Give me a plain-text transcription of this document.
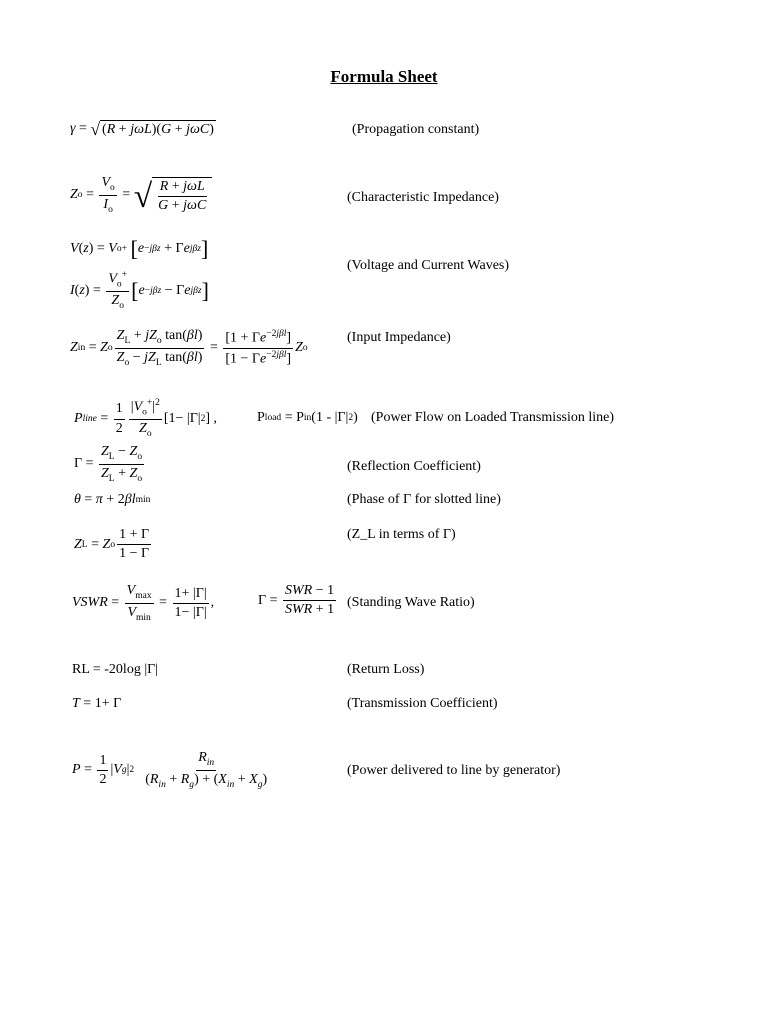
Formula Sheet
γ = √ ( R + jωL )( G + jωC )	(Propagation constant)
Z o =
$V_o$
$I_o$
= √ R + jωL
G + jωC
(Characteristic Impedance)
V ( z ) = V o +
[ e −jβz + Γ e jβz ]
I ( z ) =
$V_o^+$
$Z_o$
[ e −jβz − Γ e jβz ]
(Voltage and Current Waves)
Z in = Z o
$Z_L + jZ_o$ tan(βl)
$Z_o - jZ_L$ tan(βl)
=
$[1 + \Gamma e^{-2j\beta l}]$
$[1 - \Gamma e^{-2j\beta l}]$
Z o
(Input Impedance)
P line =
1
2
$|V_o^+|^2$
$Z_o$
[1− |Γ| 2 ] ,	P load = P in (1 - |Γ| 2 ) (Power Flow on Loaded Transmission line)
Γ =
$Z_L - Z_o$
$Z_L + Z_o$
(Reflection Coefficient)
θ = π + 2 βl min	(Phase of Γ for slotted line)
Z L = Z o
1 + Γ
1 − Γ
(Z_L in terms of Γ)
VSWR =
$V_{max}$
$V_{min}$
=
1+ |Γ|
1− |Γ|
,	Γ =
SWR − 1
SWR + 1 (Standing Wave Ratio)
RL = -20log |Γ|	(Return Loss)
T = 1+ Γ	(Transmission Coefficient)
P =
1
2
| V g | 2

$R_{in}$
$(R_{in} + R_g) + (X_{in} + X_g)$
(Power delivered to line by generator)
